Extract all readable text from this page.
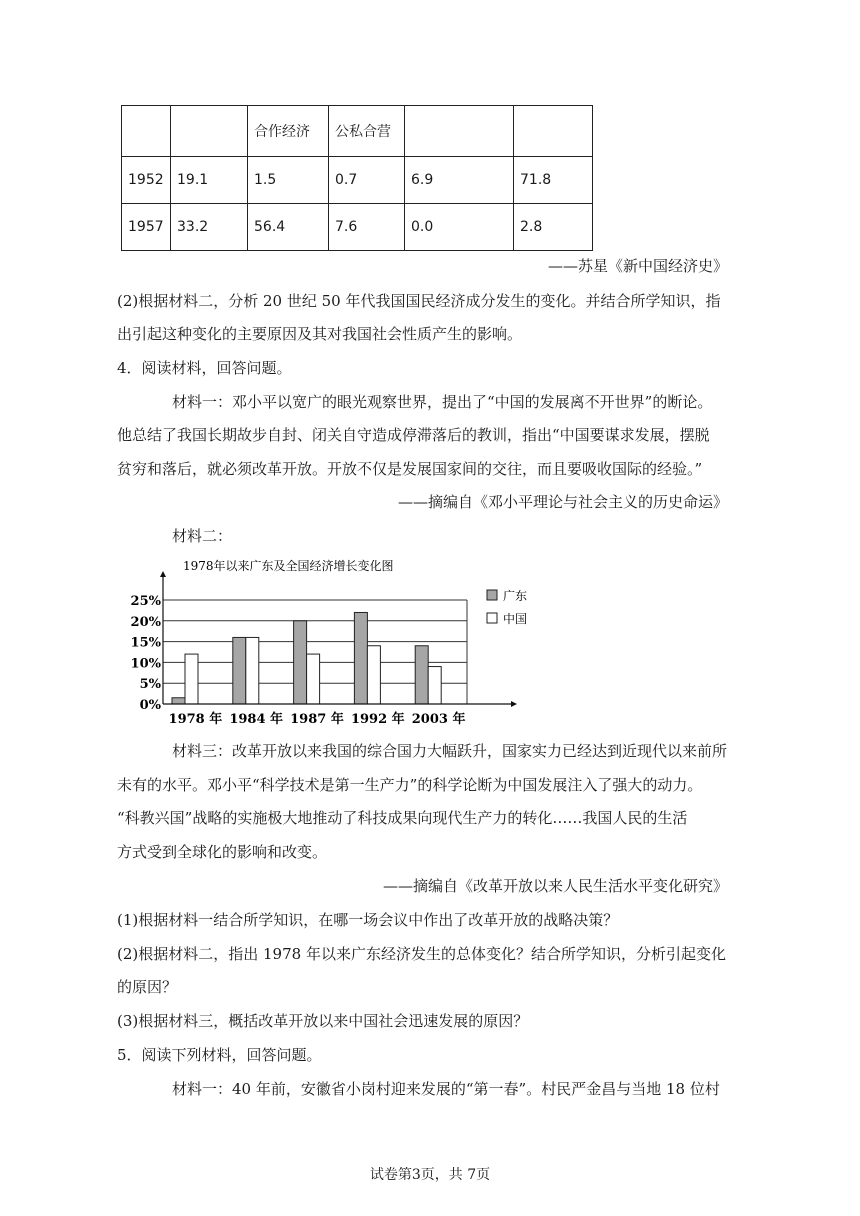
		合作经济	公私合营		
1952	19.1	1.5	0.7	6.9	71.8
1957	33.2	56.4	7.6	0.0	2.8
——苏星《新中国经济史》
(2)根据材料二，分析 20 世纪 50 年代我国国民经济成分发生的变化。并结合所学知识，指
出引起这种变化的主要原因及其对我国社会性质产生的影响。
4．阅读材料，回答问题。
材料一：邓小平以宽广的眼光观察世界，提出了“中国的发展离不开世界”的断论。
他总结了我国长期故步自封、闭关自守造成停滞落后的教训，指出“中国要谋求发展，摆脱
贫穷和落后，就必须改革开放。开放不仅是发展国家间的交往，而且要吸收国际的经验。”
——摘编自《邓小平理论与社会主义的历史命运》
材料二：
1978年以来广东及全国经济增长变化图
0%
5%
10%
15%
20%
25%
1978 年 1984 年 1987 年 1992 年 2003 年
广东
中国
材料三：改革开放以来我国的综合国力大幅跃升，国家实力已经达到近现代以来前所
未有的水平。邓小平“科学技术是第一生产力”的科学论断为中国发展注入了强大的动力。
“科教兴国”战略的实施极大地推动了科技成果向现代生产力的转化……我国人民的生活
方式受到全球化的影响和改变。
——摘编自《改革开放以来人民生活水平变化研究》
(1)根据材料一结合所学知识，在哪一场会议中作出了改革开放的战略决策？
(2)根据材料二，指出 1978 年以来广东经济发生的总体变化？结合所学知识，分析引起变化
的原因？
(3)根据材料三，概括改革开放以来中国社会迅速发展的原因？
5．阅读下列材料，回答问题。
材料一：40 年前，安徽省小岗村迎来发展的“第一春”。村民严金昌与当地 18 位村
试卷第3页，共 7页
